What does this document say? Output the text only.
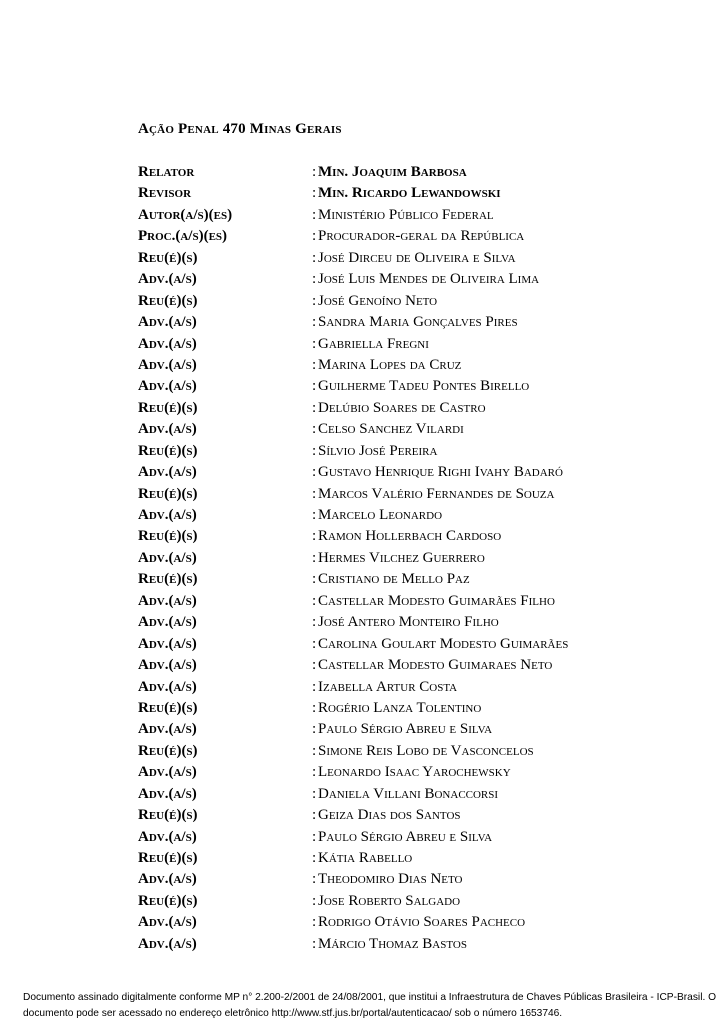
Ação Penal 470 Minas Gerais
Relator	: Min. Joaquim Barbosa
Revisor	: Min. Ricardo Lewandowski
Autor(a/s)(es)	: Ministério Público Federal
Proc.(a/s)(es)	: Procurador-geral da República
Reu(é)(s)	: José Dirceu de Oliveira e Silva
Adv.(a/s)	: José Luis Mendes de Oliveira Lima
Reu(é)(s)	: José Genoíno Neto
Adv.(a/s)	: Sandra Maria Gonçalves Pires
Adv.(a/s)	: Gabriella Fregni
Adv.(a/s)	: Marina Lopes da Cruz
Adv.(a/s)	: Guilherme Tadeu Pontes Birello
Reu(é)(s)	: Delúbio Soares de Castro
Adv.(a/s)	: Celso Sanchez Vilardi
Reu(é)(s)	: Sílvio José Pereira
Adv.(a/s)	: Gustavo Henrique Righi Ivahy Badaró
Reu(é)(s)	: Marcos Valério Fernandes de Souza
Adv.(a/s)	: Marcelo Leonardo
Reu(é)(s)	: Ramon Hollerbach Cardoso
Adv.(a/s)	: Hermes Vilchez Guerrero
Reu(é)(s)	: Cristiano de Mello Paz
Adv.(a/s)	: Castellar Modesto Guimarães Filho
Adv.(a/s)	: José Antero Monteiro Filho
Adv.(a/s)	: Carolina Goulart Modesto Guimarães
Adv.(a/s)	: Castellar Modesto Guimaraes Neto
Adv.(a/s)	: Izabella Artur Costa
Reu(é)(s)	: Rogério Lanza Tolentino
Adv.(a/s)	: Paulo Sérgio Abreu e Silva
Reu(é)(s)	: Simone Reis Lobo de Vasconcelos
Adv.(a/s)	: Leonardo Isaac Yarochewsky
Adv.(a/s)	: Daniela Villani Bonaccorsi
Reu(é)(s)	: Geiza Dias dos Santos
Adv.(a/s)	: Paulo Sérgio Abreu e Silva
Reu(é)(s)	: Kátia Rabello
Adv.(a/s)	: Theodomiro Dias Neto
Reu(é)(s)	: Jose Roberto Salgado
Adv.(a/s)	: Rodrigo Otávio Soares Pacheco
Adv.(a/s)	: Márcio Thomaz Bastos
Documento assinado digitalmente conforme MP n° 2.200-2/2001 de 24/08/2001, que institui a Infraestrutura de Chaves Públicas Brasileira - ICP-Brasil. O
documento pode ser acessado no endereço eletrônico http://www.stf.jus.br/portal/autenticacao/ sob o número 1653746.
